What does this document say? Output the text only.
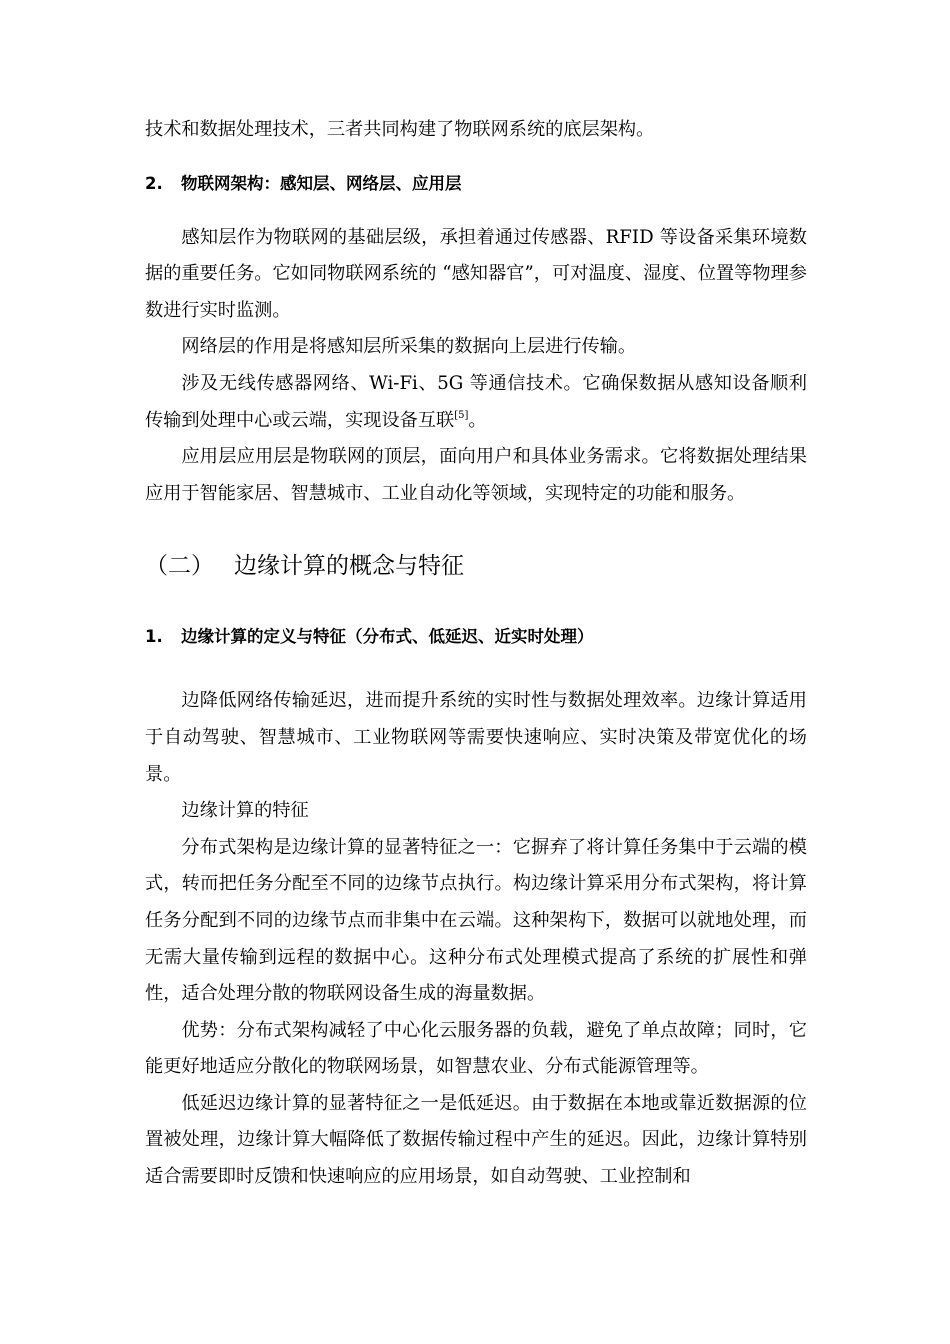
技术和数据处理技术，三者共同构建了物联网系统的底层架构。

2. 物联网架构：感知层、网络层、应用层

感知层作为物联网的基础层级，承担着通过传感器、RFID 等设备采集环境数据的重要任务。它如同物联网系统的 “感知器官”，可对温度、湿度、位置等物理参数进行实时监测。

网络层的作用是将感知层所采集的数据向上层进行传输。

涉及无线传感器网络、Wi-Fi、5G 等通信技术。它确保数据从感知设备顺利传输到处理中心或云端，实现设备互联[5]。

应用层应用层是物联网的顶层，面向用户和具体业务需求。它将数据处理结果应用于智能家居、智慧城市、工业自动化等领域，实现特定的功能和服务。

（二） 边缘计算的概念与特征
1. 边缘计算的定义与特征（分布式、低延迟、近实时处理）

边降低网络传输延迟，进而提升系统的实时性与数据处理效率。边缘计算适用于自动驾驶、智慧城市、工业物联网等需要快速响应、实时决策及带宽优化的场景。

边缘计算的特征

分布式架构是边缘计算的显著特征之一：它摒弃了将计算任务集中于云端的模式，转而把任务分配至不同的边缘节点执行。构边缘计算采用分布式架构，将计算任务分配到不同的边缘节点而非集中在云端。这种架构下，数据可以就地处理，而无需大量传输到远程的数据中心。这种分布式处理模式提高了系统的扩展性和弹性，适合处理分散的物联网设备生成的海量数据。

优势：分布式架构减轻了中心化云服务器的负载，避免了单点故障；同时，它能更好地适应分散化的物联网场景，如智慧农业、分布式能源管理等。

低延迟边缘计算的显著特征之一是低延迟。由于数据在本地或靠近数据源的位置被处理，边缘计算大幅降低了数据传输过程中产生的延迟。因此，边缘计算特别适合需要即时反馈和快速响应的应用场景，如自动驾驶、工业控制和
